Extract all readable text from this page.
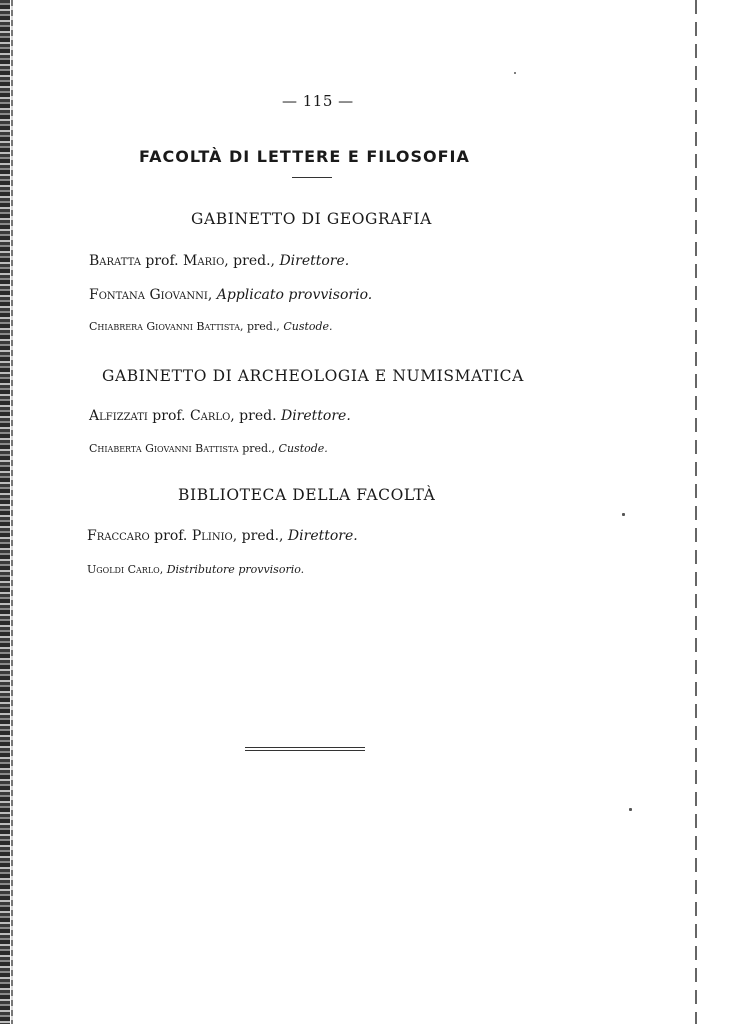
— 115 —
FACOLTÀ DI LETTERE E FILOSOFIA
GABINETTO DI GEOGRAFIA
Baratta prof. Mario, pred., Direttore.
Fontana Giovanni, Applicato provvisorio.
Chiabrera Giovanni Battista, pred., Custode.
GABINETTO DI ARCHEOLOGIA E NUMISMATICA
Alfizzati prof. Carlo, pred. Direttore.
Chiaberta Giovanni Battista pred., Custode.
BIBLIOTECA DELLA FACOLTÀ
Fraccaro prof. Plinio, pred., Direttore.
Ugoldi Carlo, Distributore provvisorio.
